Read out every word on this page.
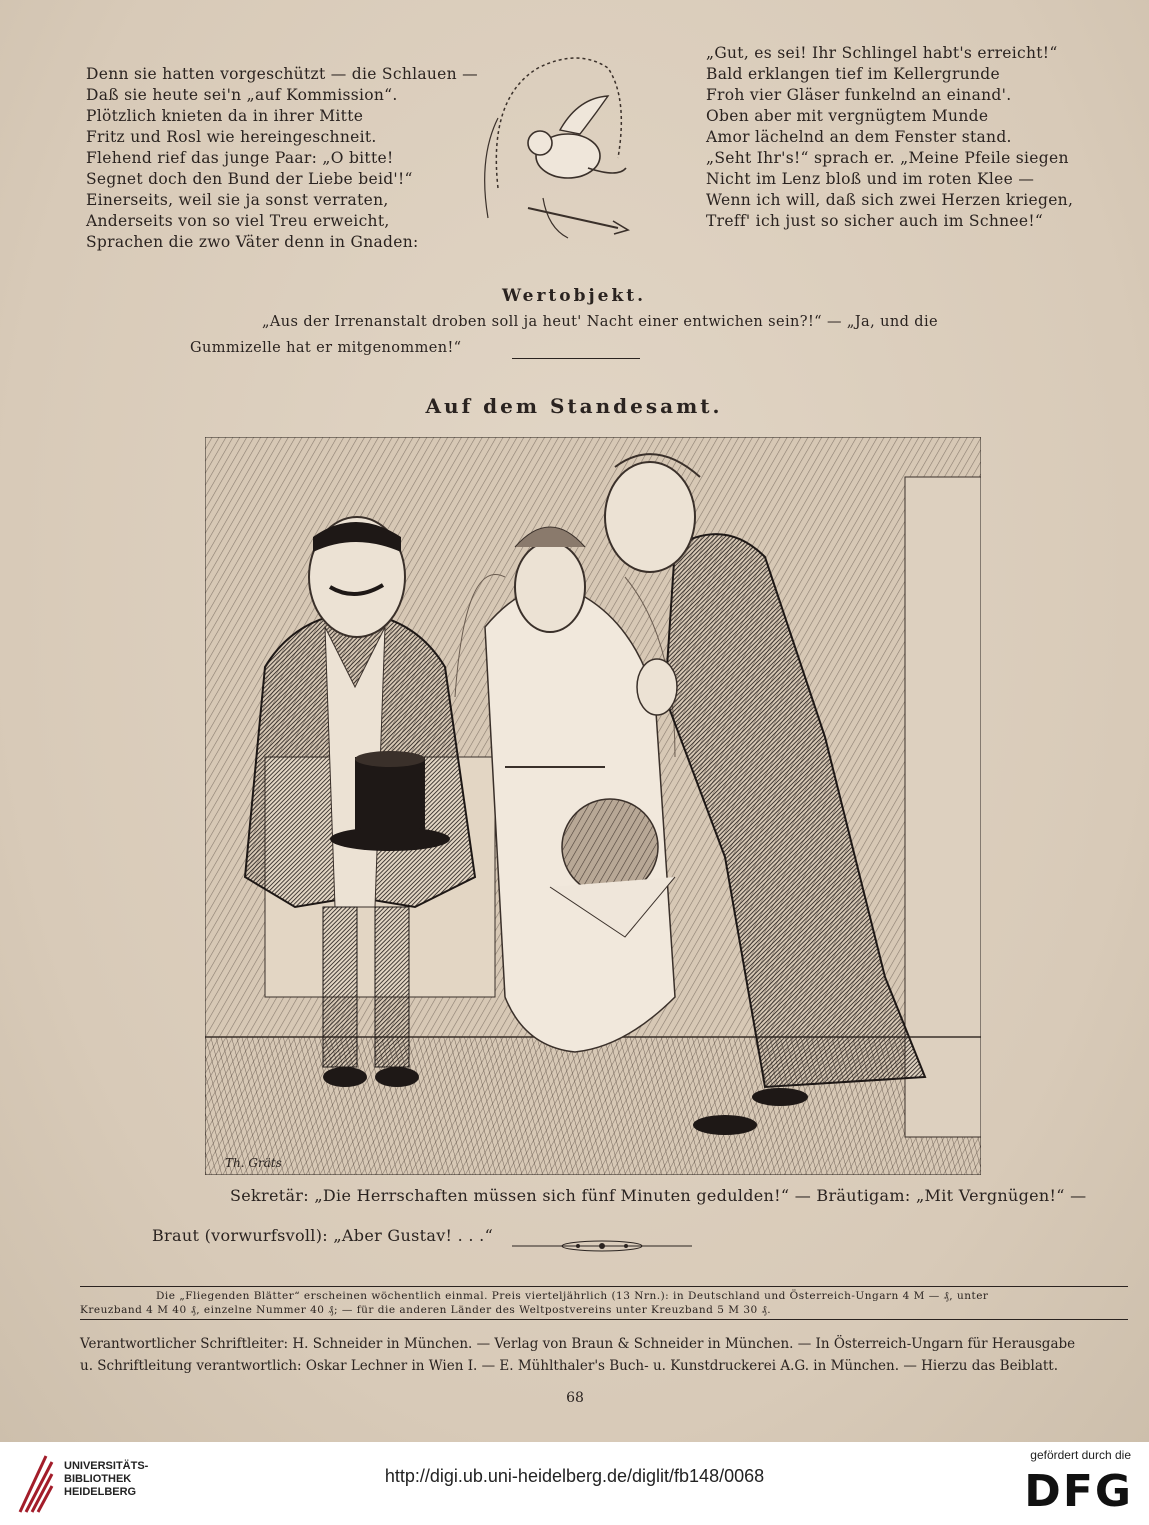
Denn sie hatten vorgeschützt — die Schlauen —
Daß sie heute sei'n „auf Kommission“.
Plötzlich knieten da in ihrer Mitte
Fritz und Rosl wie hereingeschneit.
Flehend rief das junge Paar: „O bitte!
Segnet doch den Bund der Liebe beid'!“
Einerseits, weil sie ja sonst verraten,
Anderseits von so viel Treu erweicht,
Sprachen die zwo Väter denn in Gnaden:
„Gut, es sei! Ihr Schlingel habt's erreicht!“
Bald erklangen tief im Kellergrunde
Froh vier Gläser funkelnd an einand'.
Oben aber mit vergnügtem Munde
Amor lächelnd an dem Fenster stand.
„Seht Ihr's!“ sprach er. „Meine Pfeile siegen
Nicht im Lenz bloß und im roten Klee —
Wenn ich will, daß sich zwei Herzen kriegen,
Treff' ich just so sicher auch im Schnee!“
Wertobjekt.
„Aus der Irrenanstalt droben soll ja heut' Nacht einer entwichen sein?!“ — „Ja, und die
Gummizelle hat er mitgenommen!“
Auf dem Standesamt.
Th. Gräts
Sekretär: „Die Herrschaften müssen sich fünf Minuten gedulden!“ — Bräutigam: „Mit Vergnügen!“ —
Braut (vorwurfsvoll): „Aber Gustav! . . .“
Die „Fliegenden Blätter“ erscheinen wöchentlich einmal. Preis vierteljährlich (13 Nrn.): in Deutschland und Österreich-Ungarn 4 M — ₰, unter
Kreuzband 4 M 40 ₰, einzelne Nummer 40 ₰; — für die anderen Länder des Weltpostvereins unter Kreuzband 5 M 30 ₰.
Verantwortlicher Schriftleiter: H. Schneider in München. — Verlag von Braun & Schneider in München. — In Österreich-Ungarn für Herausgabe
u. Schriftleitung verantwortlich: Oskar Lechner in Wien I. — E. Mühlthaler's Buch- u. Kunstdruckerei A.G. in München. — Hierzu das Beiblatt.
68
UNIVERSITÄTS-
BIBLIOTHEK
HEIDELBERG
http://digi.ub.uni-heidelberg.de/diglit/fb148/0068
gefördert durch die
DFG
